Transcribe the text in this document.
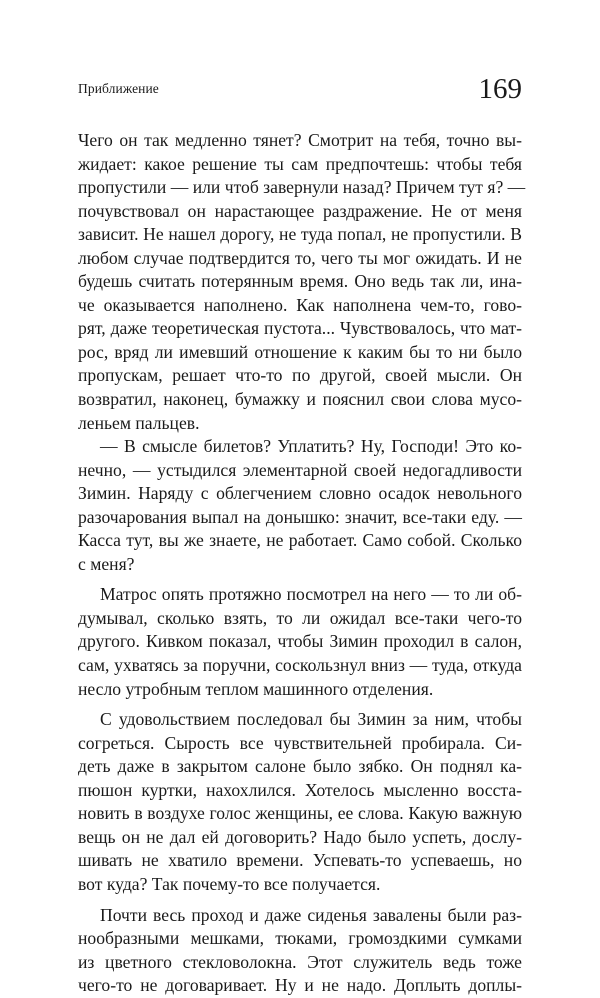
Приближение	169

Чего он так медленно тянет? Смотрит на тебя, точно вы-
жидает: какое решение ты сам предпочтешь: чтобы тебя
пропустили — или чтоб завернули назад? Причем тут я? —
почувствовал он нарастающее раздражение. Не от меня
зависит. Не нашел дорогу, не туда попал, не пропустили. В
любом случае подтвердится то, чего ты мог ожидать. И не
будешь считать потерянным время. Оно ведь так ли, ина-
че оказывается наполнено. Как наполнена чем-то, гово-
рят, даже теоретическая пустота... Чувствовалось, что мат-
рос, вряд ли имевший отношение к каким бы то ни было
пропускам, решает что-то по другой, своей мысли. Он
возвратил, наконец, бумажку и пояснил свои слова мусо-
леньем пальцев.

— В смысле билетов? Уплатить? Ну, Господи! Это ко-
нечно, — устыдился элементарной своей недогадливости
Зимин. Наряду с облегчением словно осадок невольного
разочарования выпал на донышко: значит, все-таки еду. —
Касса тут, вы же знаете, не работает. Само собой. Сколько
с меня?

Матрос опять протяжно посмотрел на него — то ли об-
думывал, сколько взять, то ли ожидал все-таки чего-то
другого. Кивком показал, чтобы Зимин проходил в салон,
сам, ухватясь за поручни, соскользнул вниз — туда, откуда
несло утробным теплом машинного отделения.

С удовольствием последовал бы Зимин за ним, чтобы
согреться. Сырость все чувствительней пробирала. Си-
деть даже в закрытом салоне было зябко. Он поднял ка-
пюшон куртки, нахохлился. Хотелось мысленно восста-
новить в воздухе голос женщины, ее слова. Какую важную
вещь он не дал ей договорить? Надо было успеть, дослу-
шивать не хватило времени. Успевать-то успеваешь, но
вот куда? Так почему-то все получается.

Почти весь проход и даже сиденья завалены были раз-
нообразными мешками, тюками, громоздкими сумками
из цветного стекловолокна. Этот служитель ведь тоже
чего-то не договаривает. Ну и не надо. Доплыть доплы-
